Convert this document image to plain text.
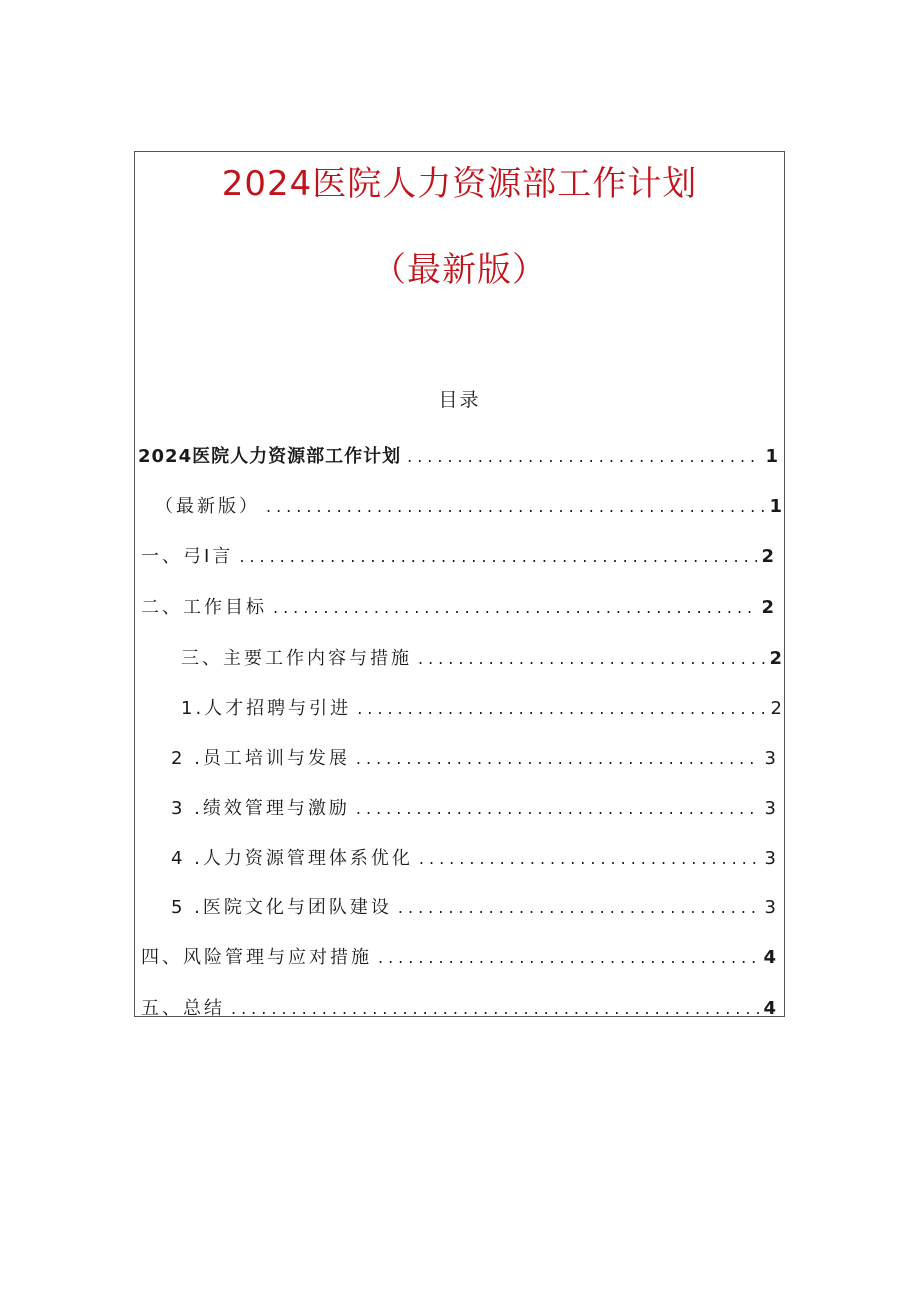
2024医院人力资源部工作计划
（最新版）
目录
2024医院人力资源部工作计划 .....	1
（最新版） .....	1
一、弓I言 .....	2
二、工作目标 .....	2
三、主要工作内容与措施 .....	2
1.人才招聘与引进 .....	2
2 .员工培训与发展 .....	3
3 .绩效管理与激励 .....	3
4 .人力资源管理体系优化 .....	3
5 .医院文化与团队建设 .....	3
四、风险管理与应对措施 .....	4
五、总结 .....	4
